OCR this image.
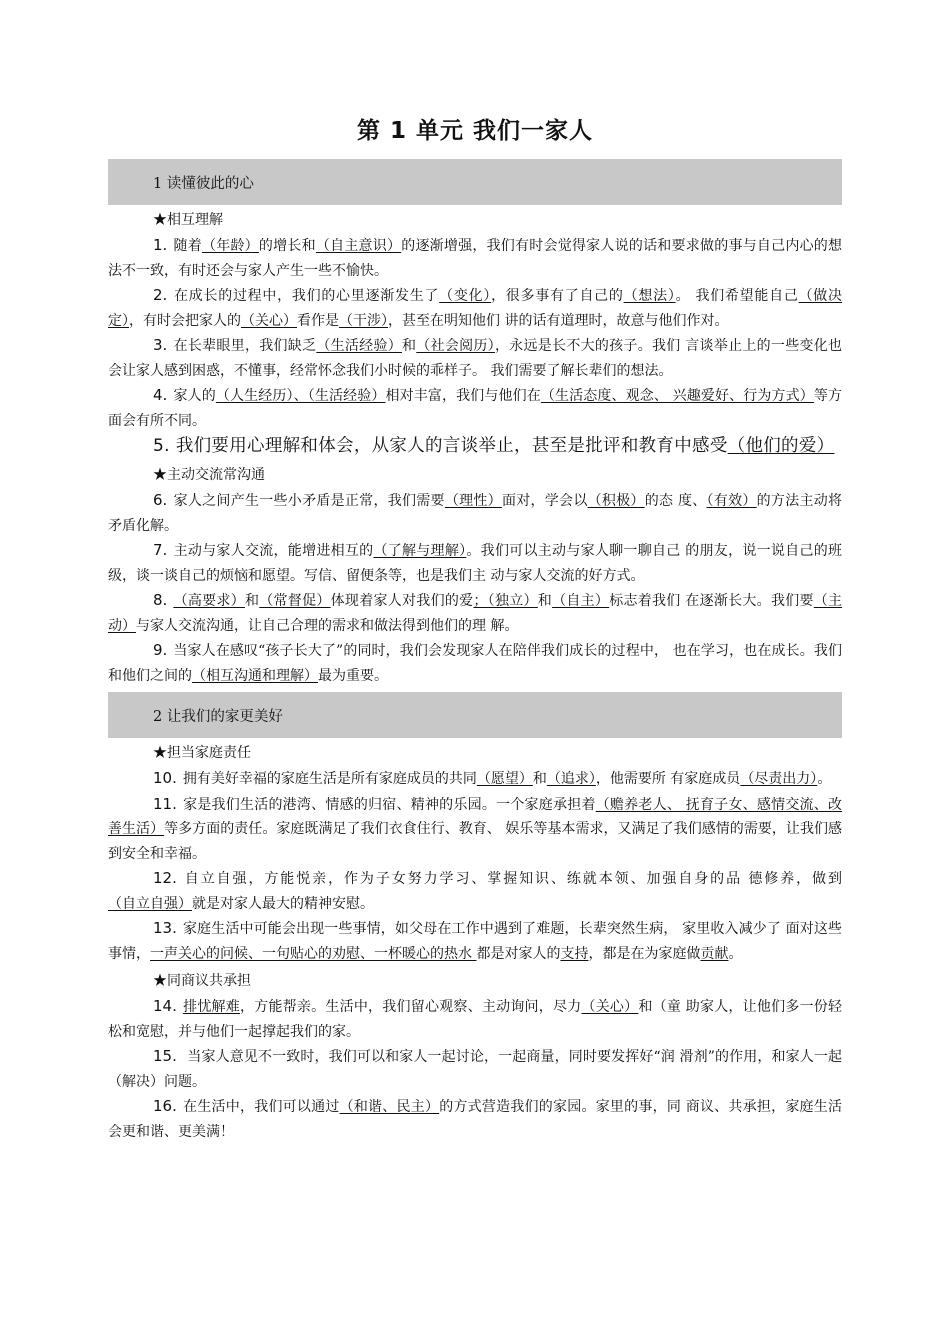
第 1 单元 我们一家人
1 读懂彼此的心
★相互理解

1. 随着（年龄）的增长和（自主意识）的逐渐增强，我们有时会觉得家人说的话和要求做的事与自己内心的想法不一致，有时还会与家人产生一些不愉快。

2. 在成长的过程中，我们的心里逐渐发生了（变化），很多事有了自己的（想法）。 我们希望能自己（做决定），有时会把家人的（关心）看作是（干涉），甚至在明知他们 讲的话有道理时，故意与他们作对。

3. 在长辈眼里，我们缺乏（生活经验）和（社会阅历），永远是长不大的孩子。我们 言谈举止上的一些变化也会让家人感到困惑，不懂事，经常怀念我们小时候的乖样子。 我们需要了解长辈们的想法。

4. 家人的（人生经历）、（生活经验）相对丰富，我们与他们在（生活态度、观念、 兴趣爱好、行为方式）等方面会有所不同。

5. 我们要用心理解和体会，从家人的言谈举止，甚至是批评和教育中感受（他们的爱）

★主动交流常沟通

6. 家人之间产生一些小矛盾是正常，我们需要（理性）面对，学会以（积极）的态 度、（有效）的方法主动将矛盾化解。

7. 主动与家人交流，能增进相互的（了解与理解）。我们可以主动与家人聊一聊自己 的朋友，说一说自己的班级，谈一谈自己的烦恼和愿望。写信、留便条等，也是我们主 动与家人交流的好方式。

8. （高要求）和（常督促）体现着家人对我们的爱；（独立）和（自主）标志着我们 在逐渐长大。我们要（主动）与家人交流沟通，让自己合理的需求和做法得到他们的理 解。

9. 当家人在感叹“孩子长大了”的同时，我们会发现家人在陪伴我们成长的过程中， 也在学习，也在成长。我们和他们之间的（相互沟通和理解）最为重要。

2 让我们的家更美好
★担当家庭责任

10. 拥有美好幸福的家庭生活是所有家庭成员的共同（愿望）和（追求），他需要所 有家庭成员（尽责出力）。

11. 家是我们生活的港湾、情感的归宿、精神的乐园。一个家庭承担着（赡养老人、 抚育子女、感情交流、改善生活）等多方面的责任。家庭既满足了我们衣食住行、教育、 娱乐等基本需求，又满足了我们感情的需要，让我们感到安全和幸福。

12. 自立自强，方能悦亲，作为子女努力学习、掌握知识、练就本领、加强自身的品 德修养，做到（自立自强）就是对家人最大的精神安慰。

13. 家庭生活中可能会出现一些事情，如父母在工作中遇到了难题，长辈突然生病， 家里收入减少了 面对这些事情，一声关心的问候、一句贴心的劝慰、一杯暖心的热水 都是对家人的支持，都是在为家庭做贡献。

★同商议共承担

14. 排忧解难，方能帮亲。生活中，我们留心观察、主动询问，尽力（关心）和（童 助家人，让他们多一份轻松和宽慰，并与他们一起撑起我们的家。

15. 当家人意见不一致时，我们可以和家人一起讨论，一起商量，同时要发挥好“润 滑剂”的作用，和家人一起（解决）问题。

16. 在生活中，我们可以通过（和谐、民主）的方式营造我们的家园。家里的事，同 商议、共承担，家庭生活会更和谐、更美满！
